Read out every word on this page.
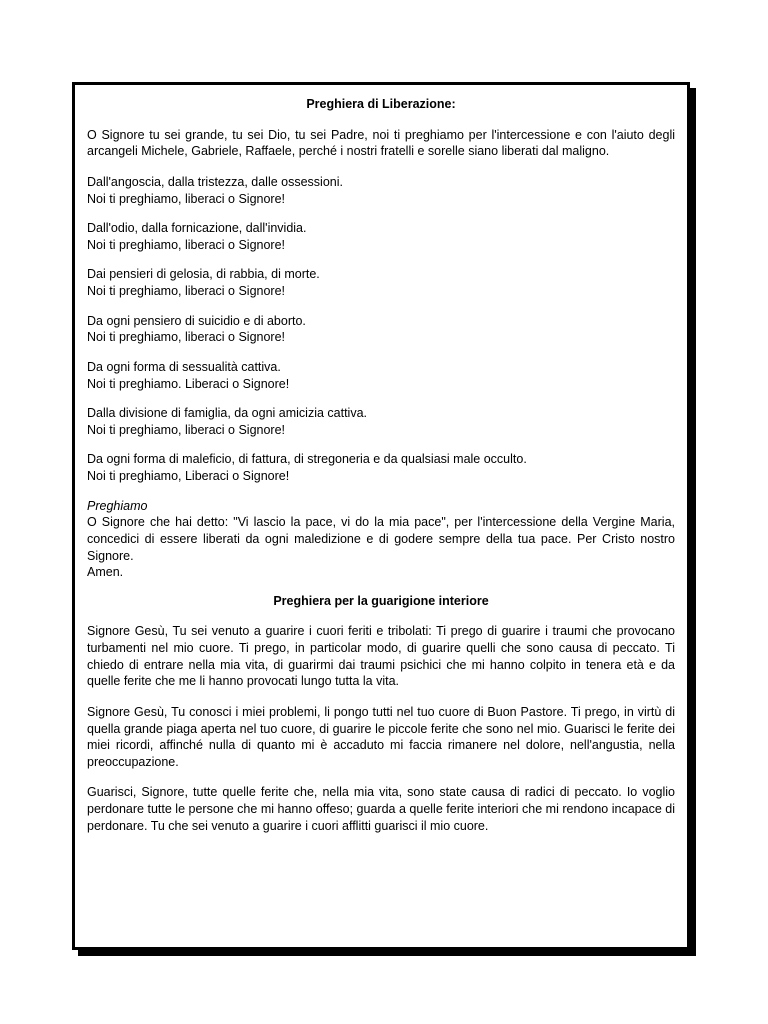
Preghiera di Liberazione:

O Signore tu sei grande, tu sei Dio, tu sei Padre, noi ti preghiamo per l'intercessione e con l'aiuto degli arcangeli Michele, Gabriele, Raffaele, perché i nostri fratelli e sorelle siano liberati dal maligno.

Dall'angoscia, dalla tristezza, dalle ossessioni.

Noi ti preghiamo, liberaci o Signore!

Dall'odio, dalla fornicazione, dall'invidia.

Noi ti preghiamo, liberaci o Signore!

Dai pensieri di gelosia, di rabbia, di morte.

Noi ti preghiamo, liberaci o Signore!

Da ogni pensiero di suicidio e di aborto.

Noi ti preghiamo, liberaci o Signore!

Da ogni forma di sessualità cattiva.

Noi ti preghiamo. Liberaci o Signore!

Dalla divisione di famiglia, da ogni amicizia cattiva.

Noi ti preghiamo, liberaci o Signore!

Da ogni forma di maleficio, di fattura, di stregoneria e da qualsiasi male occulto.

Noi ti preghiamo, Liberaci o Signore!

Preghiamo

O Signore che hai detto: "Vi lascio la pace, vi do la mia pace", per l'intercessione della Vergine Maria, concedici di essere liberati da ogni maledizione e di godere sempre della tua pace. Per Cristo nostro Signore.

Amen.

Preghiera per la guarigione interiore

Signore Gesù, Tu sei venuto a guarire i cuori feriti e tribolati: Ti prego di guarire i traumi che provocano turbamenti nel mio cuore. Ti prego, in particolar modo, di guarire quelli che sono causa di peccato. Ti chiedo di entrare nella mia vita, di guarirmi dai traumi psichici che mi hanno colpito in tenera età e da quelle ferite che me li hanno provocati lungo tutta la vita.

Signore Gesù, Tu conosci i miei problemi, li pongo tutti nel tuo cuore di Buon Pastore. Ti prego, in virtù di quella grande piaga aperta nel tuo cuore, di guarire le piccole ferite che sono nel mio. Guarisci le ferite dei miei ricordi, affinché nulla di quanto mi è accaduto mi faccia rimanere nel dolore, nell'angustia, nella preoccupazione.

Guarisci, Signore, tutte quelle ferite che, nella mia vita, sono state causa di radici di peccato. Io voglio perdonare tutte le persone che mi hanno offeso; guarda a quelle ferite interiori che mi rendono incapace di perdonare. Tu che sei venuto a guarire i cuori afflitti guarisci il mio cuore.
